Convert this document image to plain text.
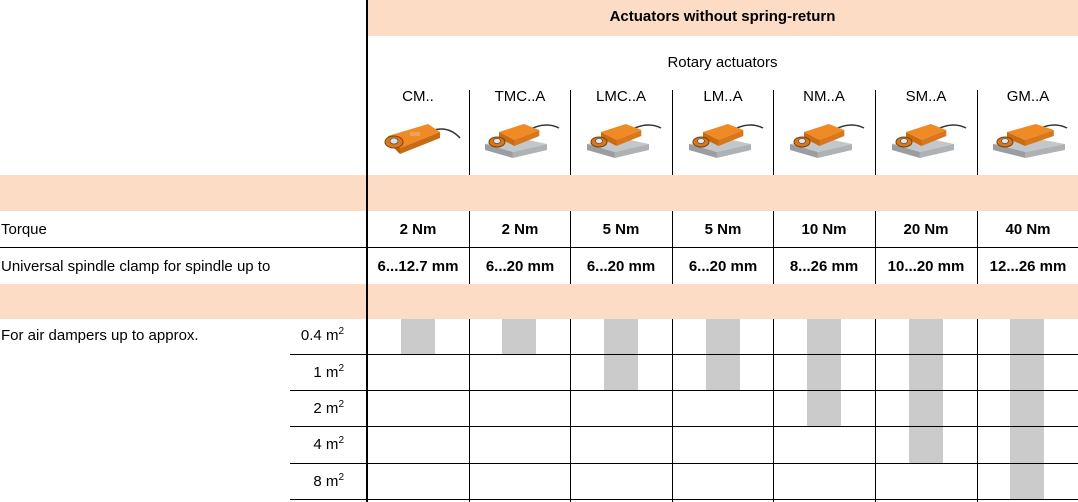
Actuators without spring-return
Rotary actuators
Torque
Universal spindle clamp for spindle up to
For air dampers up to approx.	0.4 $m^2$
1 $m^2$
2 $m^2$
4 $m^2$
8 $m^2$
CM..
2 Nm
6...12.7 mm
TMC..A
2 Nm
6...20 mm
LMC..A
5 Nm
6...20 mm
LM..A
5 Nm
6...20 mm
NM..A
10 Nm
8...26 mm
SM..A
20 Nm
10...20 mm
GM..A
40 Nm
12...26 mm
